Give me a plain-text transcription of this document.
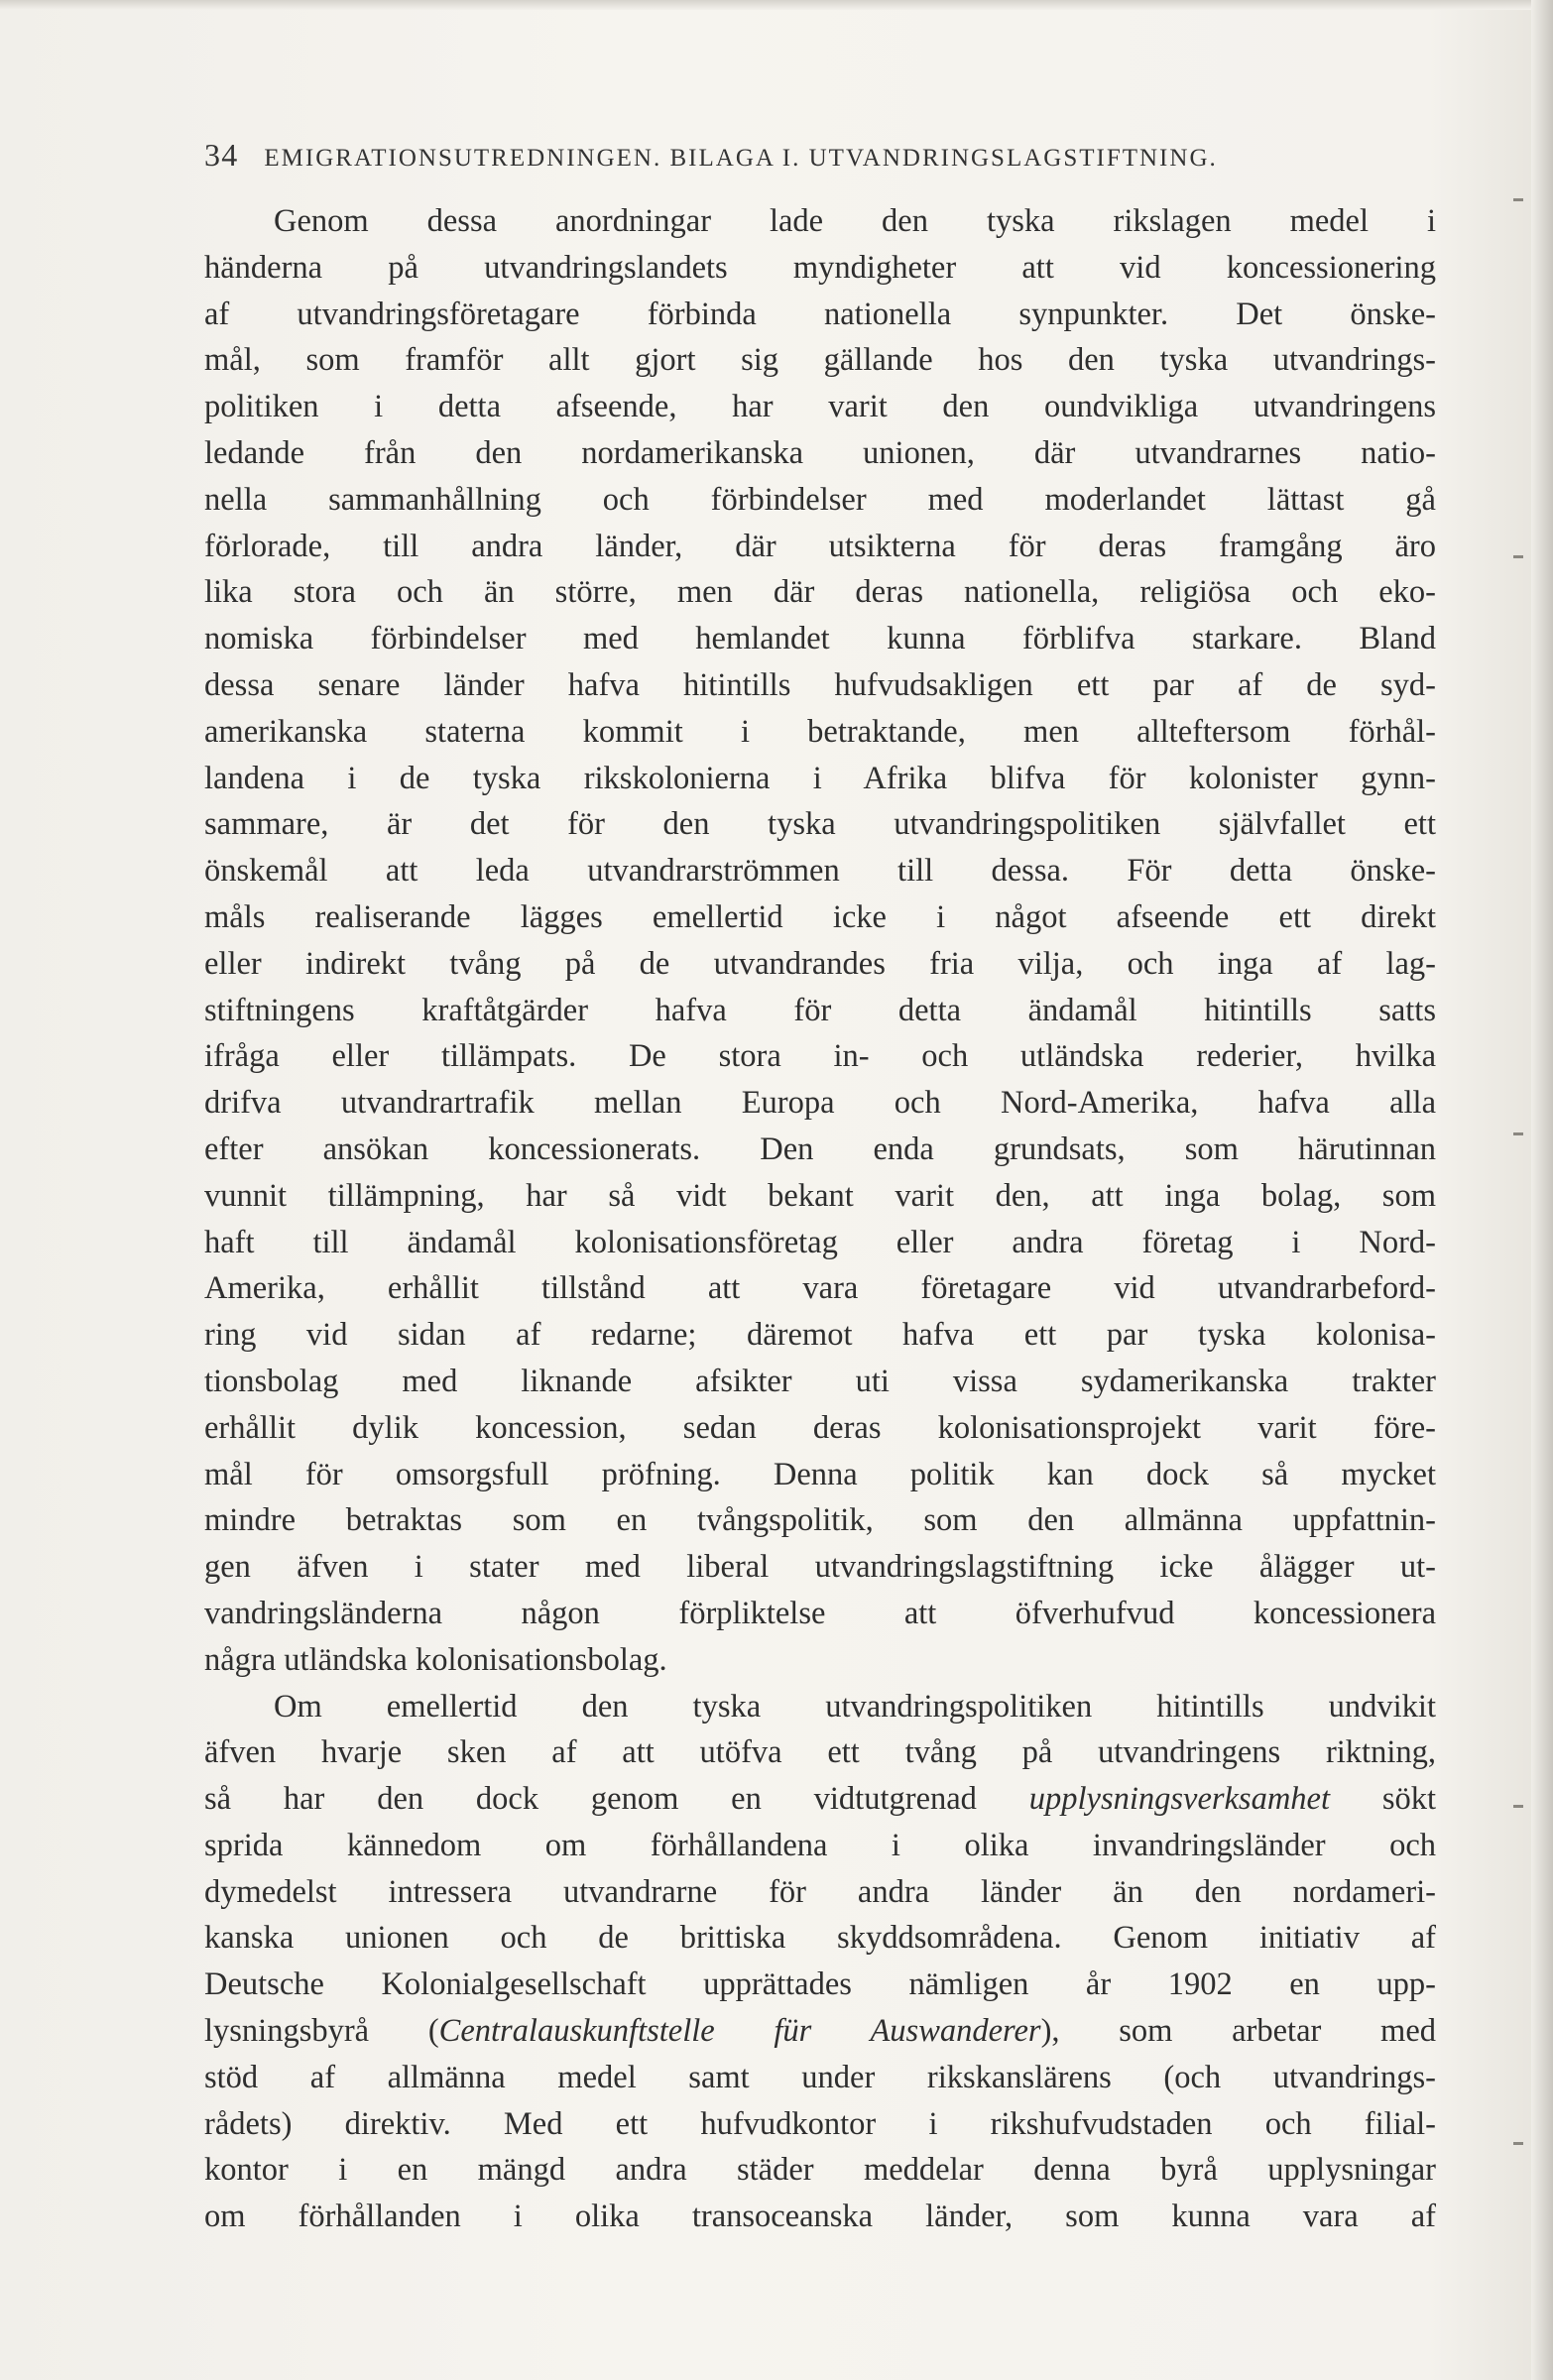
34 EMIGRATIONSUTREDNINGEN. BILAGA I. UTVANDRINGSLAGSTIFTNING.
Genom dessa anordningar lade den tyska rikslagen medel i
händerna på utvandringslandets myndigheter att vid koncessionering
af utvandringsföretagare förbinda nationella synpunkter. Det önske-
mål, som framför allt gjort sig gällande hos den tyska utvandrings-
politiken i detta afseende, har varit den oundvikliga utvandringens
ledande från den nordamerikanska unionen, där utvandrarnes natio-
nella sammanhållning och förbindelser med moderlandet lättast gå
förlorade, till andra länder, där utsikterna för deras framgång äro
lika stora och än större, men där deras nationella, religiösa och eko-
nomiska förbindelser med hemlandet kunna förblifva starkare. Bland
dessa senare länder hafva hitintills hufvudsakligen ett par af de syd-
amerikanska staterna kommit i betraktande, men allteftersom förhål-
landena i de tyska rikskolonierna i Afrika blifva för kolonister gynn-
sammare, är det för den tyska utvandringspolitiken självfallet ett
önskemål att leda utvandrarströmmen till dessa. För detta önske-
måls realiserande lägges emellertid icke i något afseende ett direkt
eller indirekt tvång på de utvandrandes fria vilja, och inga af lag-
stiftningens kraftåtgärder hafva för detta ändamål hitintills satts
ifråga eller tillämpats. De stora in- och utländska rederier, hvilka
drifva utvandrartrafik mellan Europa och Nord-Amerika, hafva alla
efter ansökan koncessionerats. Den enda grundsats, som härutinnan
vunnit tillämpning, har så vidt bekant varit den, att inga bolag, som
haft till ändamål kolonisationsföretag eller andra företag i Nord-
Amerika, erhållit tillstånd att vara företagare vid utvandrarbeford-
ring vid sidan af redarne; däremot hafva ett par tyska kolonisa-
tionsbolag med liknande afsikter uti vissa sydamerikanska trakter
erhållit dylik koncession, sedan deras kolonisationsprojekt varit före-
mål för omsorgsfull pröfning. Denna politik kan dock så mycket
mindre betraktas som en tvångspolitik, som den allmänna uppfattnin-
gen äfven i stater med liberal utvandringslagstiftning icke ålägger ut-
vandringsländerna någon förpliktelse att öfverhufvud koncessionera
några utländska kolonisationsbolag.
Om emellertid den tyska utvandringspolitiken hitintills undvikit
äfven hvarje sken af att utöfva ett tvång på utvandringens riktning,
så har den dock genom en vidtutgrenad upplysningsverksamhet sökt
sprida kännedom om förhållandena i olika invandringsländer och
dymedelst intressera utvandrarne för andra länder än den nordameri-
kanska unionen och de brittiska skyddsområdena. Genom initiativ af
Deutsche Kolonialgesellschaft upprättades nämligen år 1902 en upp-
lysningsbyrå (Centralauskunftstelle für Auswanderer), som arbetar med
stöd af allmänna medel samt under rikskanslärens (och utvandrings-
rådets) direktiv. Med ett hufvudkontor i rikshufvudstaden och filial-
kontor i en mängd andra städer meddelar denna byrå upplysningar
om förhållanden i olika transoceanska länder, som kunna vara af
